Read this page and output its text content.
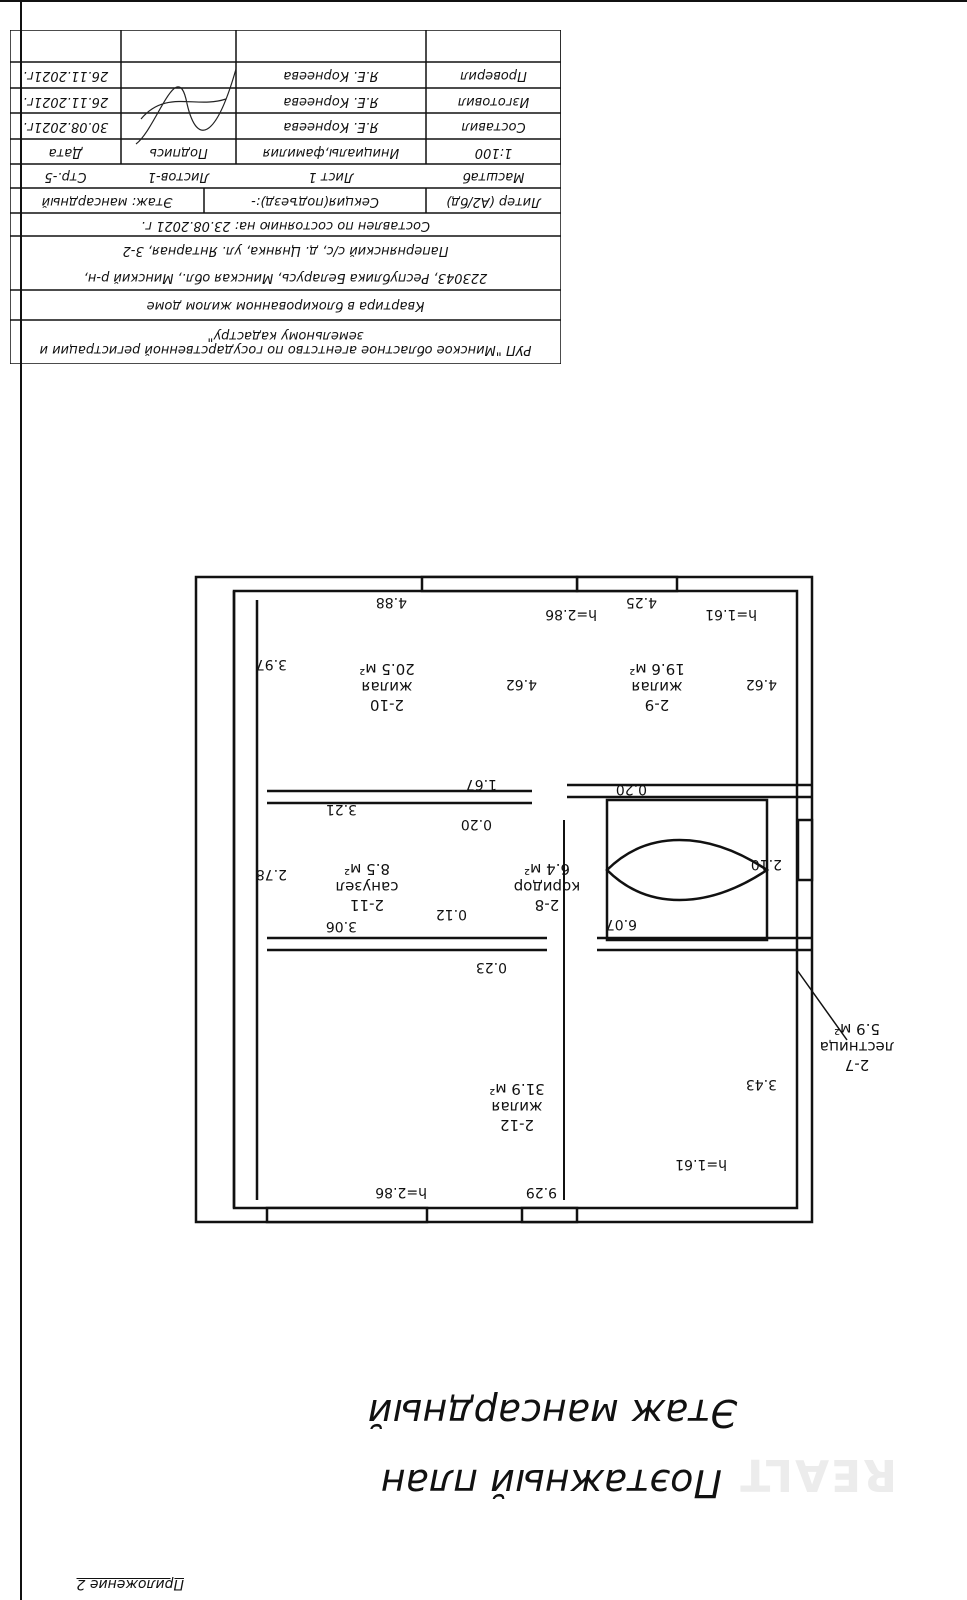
9.29
h=2.86
3.43
h=1.61
6.07
2.10
4.62
4.25
4.88
4.62
3.97
3.21
2.78
3.06
0.23
0.12
0.20
1.67	0.20
h=2.86	h=1.61
2-12
жилая
31.9 м²
2-8
коридор
6.4 м²
2-11
санузел
8.5 м²
2-10
жилая
20.5 м²
2-9
жилая
19.6 м²
2-7
лестница
5.9 м²
Этаж мансардный
Поэтажный план
Приложение 2
REALT
РУП "Минское областное агентство по государственной регистрации и земельному кадастру"
Квартира в блокированном жилом доме
223043, Республика Беларусь, Минская обл., Минский р-н,
Папернянский с/с, д. Цнянка, ул. Янтарная, 3-2
Составлен по состоянию на: 23.08.2021 г.
Литер (А2/бд)
Секция(подъезд):-
Этаж: мансардный
Масштаб
Лист 1
Листов-1
Стр.-5
1:100
Инициалы,фамилия
Подпись
Дата
Составил
Я.Е. Корнеева
30.08.2021г.
Изготовил
Я.Е. Корнеева
26.11.2021г.
Проверил
Я.Е. Корнеева
26.11.2021г.
